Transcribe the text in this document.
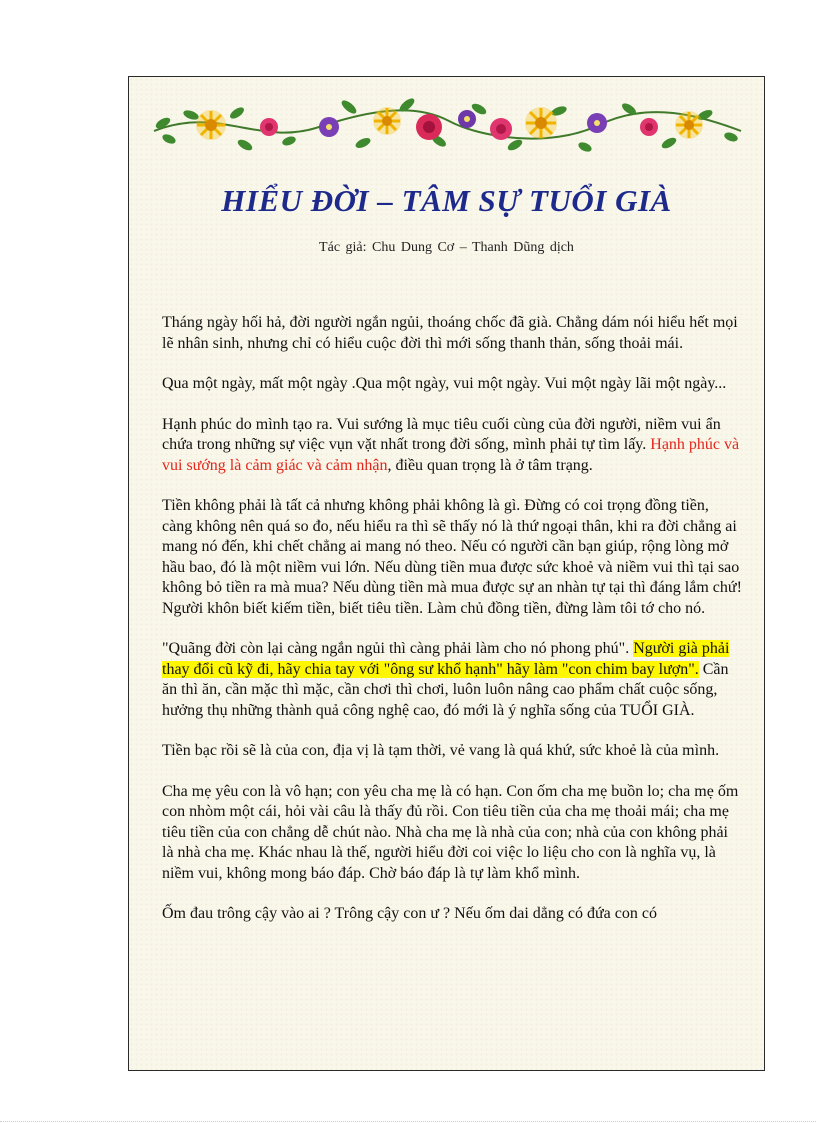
HIỂU ĐỜI – TÂM SỰ TUỔI GIÀ

Tác giả: Chu Dung Cơ – Thanh Dũng dịch

Tháng ngày hối hả, đời người ngắn ngủi, thoáng chốc đã già. Chẳng dám nói hiểu hết mọi lẽ nhân sinh, nhưng chỉ có hiểu cuộc đời thì mới sống thanh thản, sống thoải mái.

Qua một ngày, mất một ngày .Qua một ngày, vui một ngày. Vui một ngày lãi một ngày...

Hạnh phúc do mình tạo ra. Vui sướng là mục tiêu cuối cùng của đời người, niềm vui ẩn chứa trong những sự việc vụn vặt nhất trong đời sống, mình phải tự tìm lấy. Hạnh phúc và vui sướng là cảm giác và cảm nhận, điều quan trọng là ở tâm trạng.

Tiền không phải là tất cả nhưng không phải không là gì. Đừng có coi trọng đồng tiền, càng không nên quá so đo, nếu hiểu ra thì sẽ thấy nó là thứ ngoại thân, khi ra đời chẳng ai mang nó đến, khi chết chẳng ai mang nó theo. Nếu có người cần bạn giúp, rộng lòng mở hầu bao, đó là một niềm vui lớn. Nếu dùng tiền mua được sức khoẻ và niềm vui thì tại sao không bỏ tiền ra mà mua? Nếu dùng tiền mà mua được sự an nhàn tự tại thì đáng lắm chứ! Người khôn biết kiếm tiền, biết tiêu tiền. Làm chủ đồng tiền, đừng làm tôi tớ cho nó.

"Quãng đời còn lại càng ngắn ngủi thì càng phải làm cho nó phong phú". Người già phải thay đổi cũ kỹ đi, hãy chia tay với "ông sư khổ hạnh" hãy làm "con chim bay lượn". Cần ăn thì ăn, cần mặc thì mặc, cần chơi thì chơi, luôn luôn nâng cao phẩm chất cuộc sống, hưởng thụ những thành quả công nghệ cao, đó mới là ý nghĩa sống của TUỔI GIÀ.

Tiền bạc rồi sẽ là của con, địa vị là tạm thời, vẻ vang là quá khứ, sức khoẻ là của mình.

Cha mẹ yêu con là vô hạn; con yêu cha mẹ là có hạn. Con ốm cha mẹ buồn lo; cha mẹ ốm con nhòm một cái, hỏi vài câu là thấy đủ rồi. Con tiêu tiền của cha mẹ thoải mái; cha mẹ tiêu tiền của con chẳng dễ chút nào. Nhà cha mẹ là nhà của con; nhà của con không phải là nhà cha mẹ. Khác nhau là thế, người hiểu đời coi việc lo liệu cho con là nghĩa vụ, là niềm vui, không mong báo đáp. Chờ báo đáp là tự làm khổ mình.

Ốm đau trông cậy vào ai ? Trông cậy con ư ? Nếu ốm dai dẳng có đứa con có
